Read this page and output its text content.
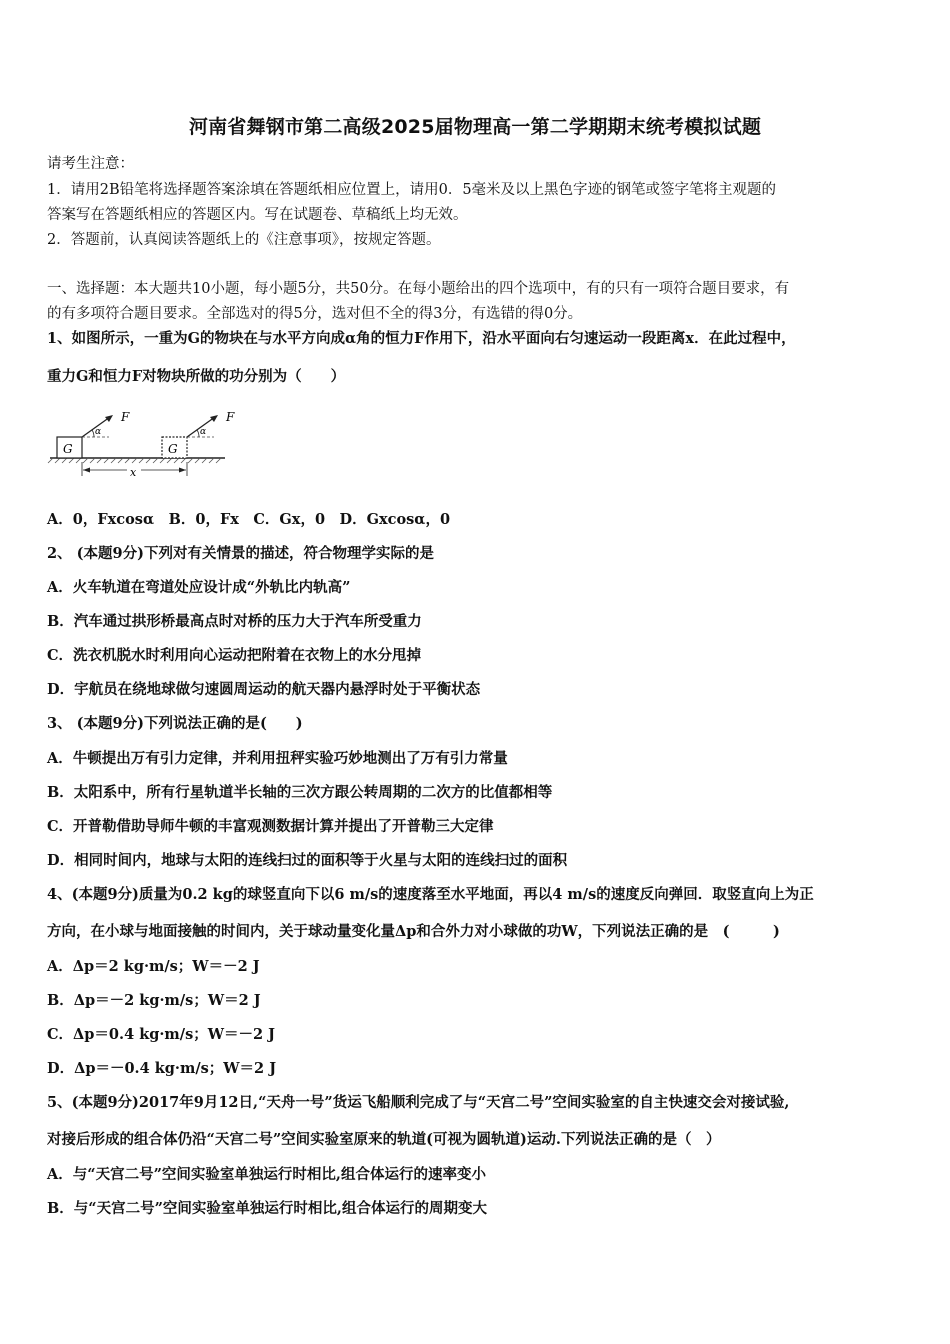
河南省舞钢市第二高级2025届物理高一第二学期期末统考模拟试题
请考生注意：
1．请用2B铅笔将选择题答案涂填在答题纸相应位置上，请用0．5毫米及以上黑色字迹的钢笔或签字笔将主观题的
答案写在答题纸相应的答题区内。写在试题卷、草稿纸上均无效。
2．答题前，认真阅读答题纸上的《注意事项》，按规定答题。
一、选择题：本大题共10小题，每小题5分，共50分。在每小题给出的四个选项中，有的只有一项符合题目要求，有
的有多项符合题目要求。全部选对的得5分，选对但不全的得3分，有选错的得0分。
1、如图所示，一重为G的物块在与水平方向成α角的恒力F作用下，沿水平面向右匀速运动一段距离x．在此过程中，
重力G和恒力F对物块所做的功分别为（　　）
G
α
F
G
α
F
x
A．0，Fxcosα　B．0，Fx　C．Gx，0　D．Gxcosα，0
2、 (本题9分)下列对有关情景的描述，符合物理学实际的是
A．火车轨道在弯道处应设计成“外轨比内轨高”
B．汽车通过拱形桥最高点时对桥的压力大于汽车所受重力
C．洗衣机脱水时利用向心运动把附着在衣物上的水分甩掉
D．宇航员在绕地球做匀速圆周运动的航天器内悬浮时处于平衡状态
3、 (本题9分)下列说法正确的是(　　)
A．牛顿提出万有引力定律，并利用扭秤实验巧妙地测出了万有引力常量
B．太阳系中，所有行星轨道半长轴的三次方跟公转周期的二次方的比值都相等
C．开普勒借助导师牛顿的丰富观测数据计算并提出了开普勒三大定律
D．相同时间内，地球与太阳的连线扫过的面积等于火星与太阳的连线扫过的面积
4、(本题9分)质量为0.2 kg的球竖直向下以6 m/s的速度落至水平地面，再以4 m/s的速度反向弹回．取竖直向上为正
方向，在小球与地面接触的时间内，关于球动量变化量Δp和合外力对小球做的功W，下列说法正确的是　(　　　)
A．Δp＝2 kg·m/s；W＝－2 J
B．Δp＝－2 kg·m/s；W＝2 J
C．Δp＝0.4 kg·m/s；W＝－2 J
D．Δp＝－0.4 kg·m/s；W＝2 J
5、(本题9分)2017年9月12日,“天舟一号”货运飞船顺利完成了与“天宫二号”空间实验室的自主快速交会对接试验,
对接后形成的组合体仍沿“天宫二号”空间实验室原来的轨道(可视为圆轨道)运动.下列说法正确的是（　）
A．与“天宫二号”空间实验室单独运行时相比,组合体运行的速率变小
B．与“天宫二号”空间实验室单独运行时相比,组合体运行的周期变大
